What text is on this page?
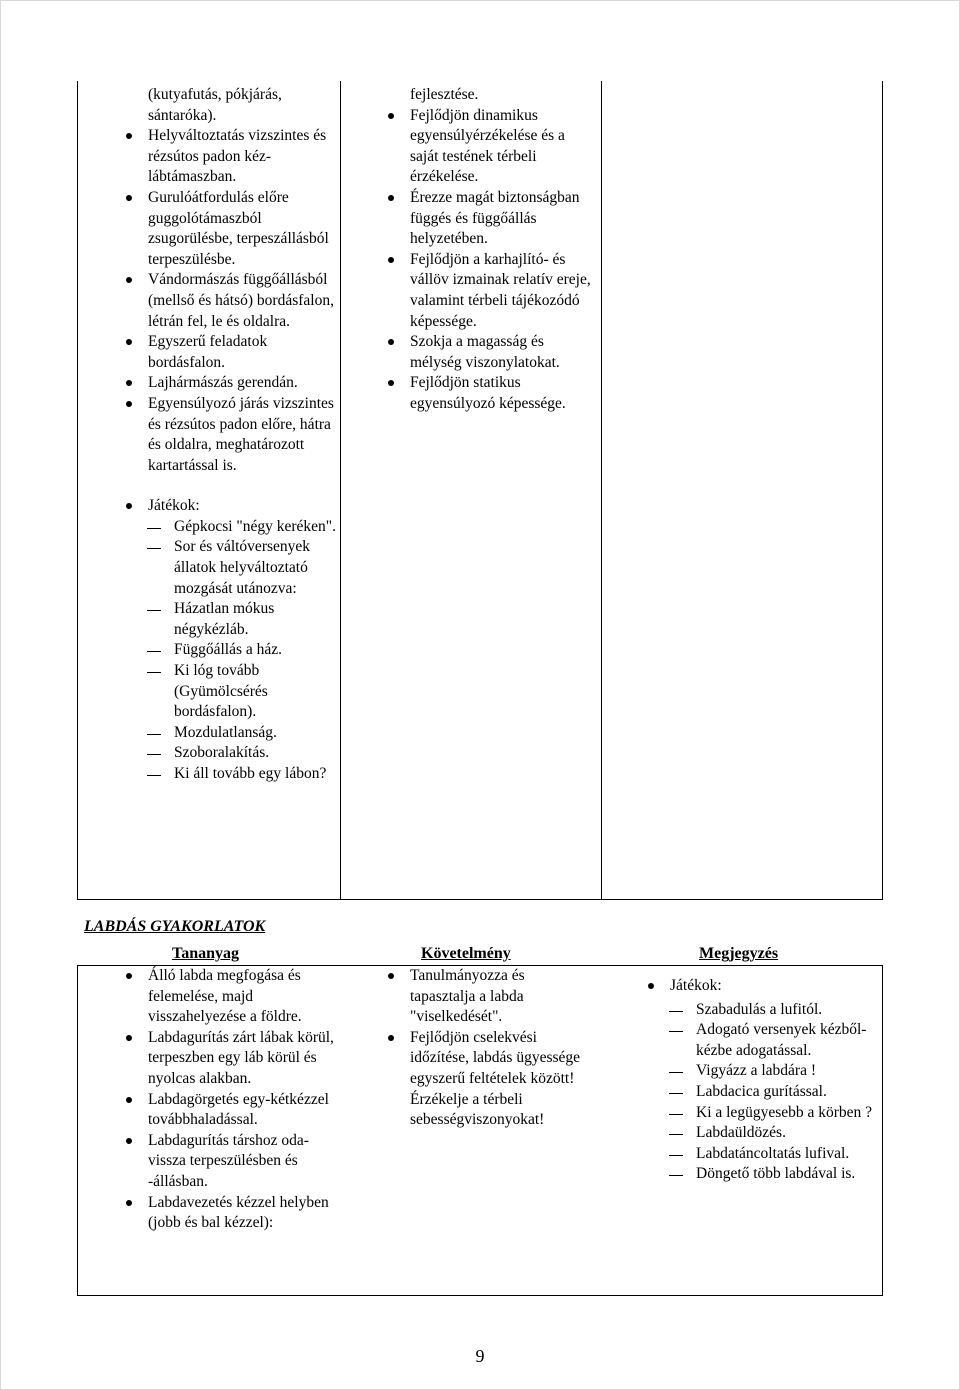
(kutyafutás, pókjárás, sántaróka).
Helyváltoztatás vizszintes és rézsútos padon kéz-lábtámaszban.
Gurulóátfordulás előre guggolótámaszból zsugorülésbe, terpeszállásból terpeszülésbe.
Vándormászás függőállásból (mellső és hátsó) bordásfalon, létrán fel, le és oldalra.
Egyszerű feladatok bordásfalon.
Lajhármászás gerendán.
Egyensúlyozó járás vizszintes és rézsútos padon előre, hátra és oldalra, meghatározott kartartással is.
Játékok:
Gépkocsi "négy keréken".
Sor és váltóversenyek állatok helyváltoztató mozgását utánozva:
Házatlan mókus négykézláb.
Függőállás a ház.
Ki lóg tovább (Gyümölcsérés bordásfalon).
Mozdulatlanság.
Szoboralakítás.
Ki áll tovább egy lábon?
fejlesztése.
Fejlődjön dinamikus egyensúlyérzékelése és a saját testének térbeli érzékelése.
Érezze magát biztonságban függés és függőállás helyzetében.
Fejlődjön a karhajlító- és vállöv izmainak relatív ereje, valamint térbeli tájékozódó képessége.
Szokja a magasság és mélység viszonylatokat.
Fejlődjön statikus egyensúlyozó képessége.
LABDÁS GYAKORLATOK
Tananyag	Követelmény	Megjegyzés
Álló labda megfogása és felemelése, majd visszahelyezése a földre.
Labdagurítás zárt lábak körül, terpeszben egy láb körül és nyolcas alakban.
Labdagörgetés egy-kétkézzel továbbhaladással.
Labdagurítás társhoz oda-vissza terpeszülésben és -állásban.
Labdavezetés kézzel helyben (jobb és bal kézzel):
Tanulmányozza és tapasztalja a labda "viselkedését".
Fejlődjön cselekvési időzítése, labdás ügyessége egyszerű feltételek között!
Érzékelje a térbeli sebességviszonyokat!
Játékok:
Szabadulás a lufitól.
Adogató versenyek kézből-kézbe adogatással.
Vigyázz a labdára !
Labdacica gurítással.
Ki a legügyesebb a körben ?
Labdaüldözés.
Labdatáncoltatás lufival.
Döngető több labdával is.
9
